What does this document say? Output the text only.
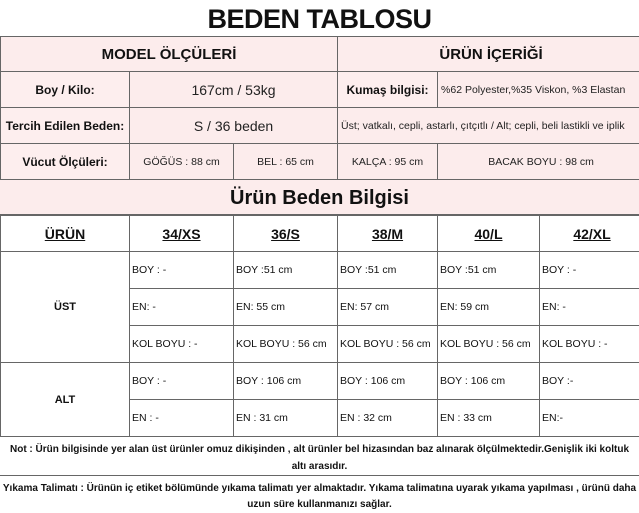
BEDEN TABLOSU
MODEL ÖLÇÜLERİ			ÜRÜN İÇERİĞİ	
Boy / Kilo:	167cm / 53kg		Kumaş bilgisi:	%62 Polyester,%35 Viskon, %3 Elastan
Tercih Edilen Beden:	S / 36 beden		Üst; vatkalı, cepli, astarlı, çıtçıtlı / Alt; cepli, beli lastikli ve iplik	
Vücut Ölçüleri:	GÖĞÜS : 88 cm	BEL : 65 cm	KALÇA : 95 cm	BACAK BOYU : 98 cm
Ürün Beden Bilgisi
ÜRÜN	34/XS	36/S	38/M	40/L	42/XL
ÜST	BOY : -	BOY :51 cm	BOY :51 cm	BOY :51 cm	BOY : -
	EN: -	EN: 55 cm	EN: 57 cm	EN: 59 cm	EN: -
	KOL BOYU : -	KOL BOYU : 56 cm	KOL BOYU : 56 cm	KOL BOYU : 56 cm	KOL BOYU : -
ALT	BOY : -	BOY : 106 cm	BOY : 106 cm	BOY : 106 cm	BOY :-
	EN : -	EN : 31 cm	EN : 32 cm	EN : 33 cm	EN:-
Not : Ürün bilgisinde yer alan üst ürünler omuz dikişinden , alt ürünler bel hizasından baz alınarak ölçülmektedir.Genişlik iki koltuk altı arasıdır.
Yıkama Talimatı : Ürünün iç etiket bölümünde yıkama talimatı yer almaktadır. Yıkama talimatına uyarak yıkama yapılması , ürünü daha uzun süre kullanmanızı sağlar.
